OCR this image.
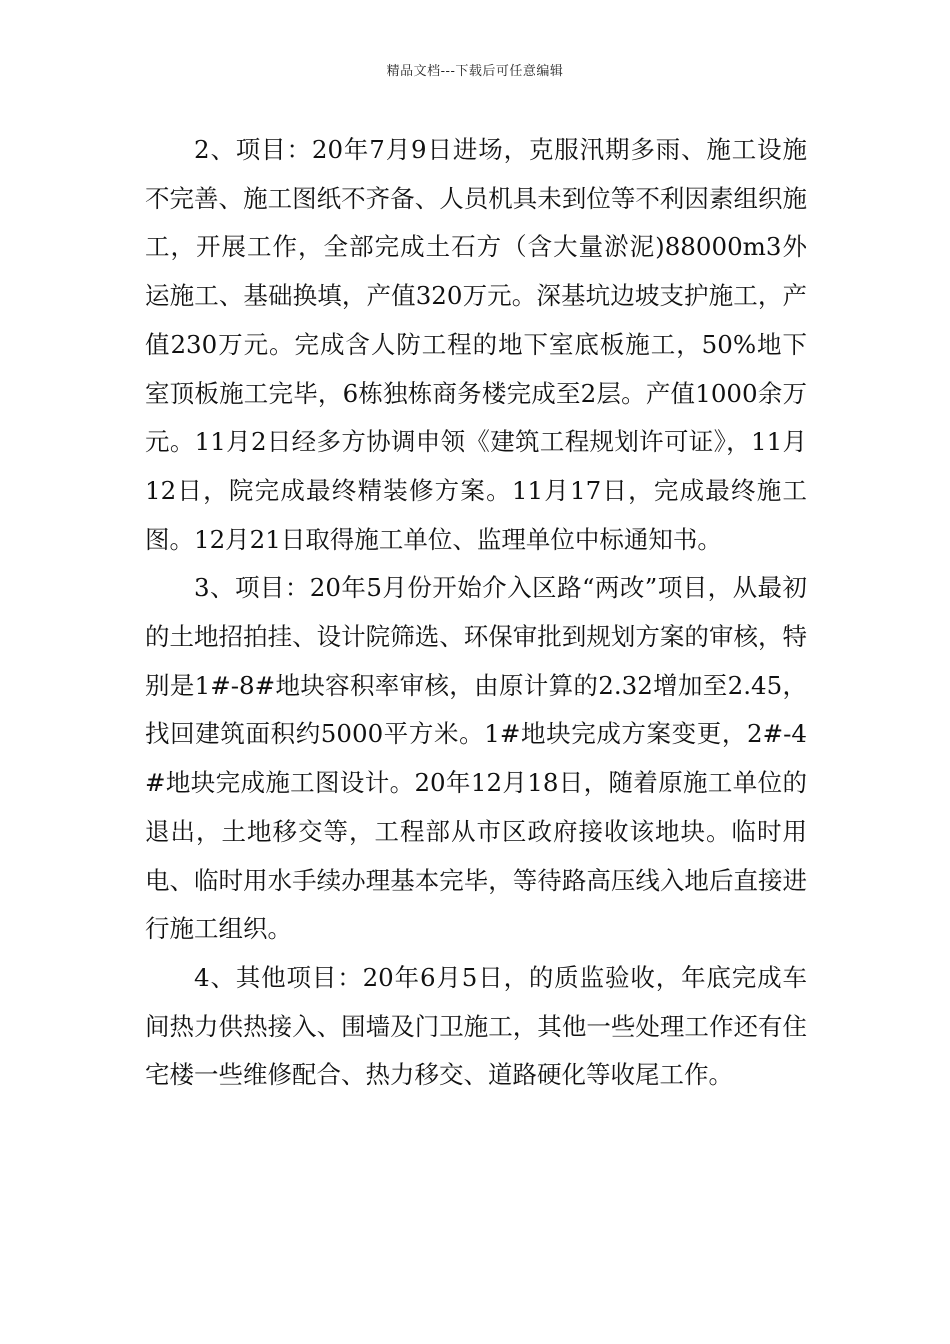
精品文档---下载后可任意编辑

2、项目：20年7月9日进场，克服汛期多雨、施工设施不完善、施工图纸不齐备、人员机具未到位等不利因素组织施工，开展工作，全部完成土石方（含大量淤泥)88000m3外运施工、基础换填，产值320万元。深基坑边坡支护施工，产值230万元。完成含人防工程的地下室底板施工，50%地下室顶板施工完毕，6栋独栋商务楼完成至2层。产值1000余万元。11月2日经多方协调申领《建筑工程规划许可证》，11月12日，院完成最终精装修方案。11月17日，完成最终施工图。12月21日取得施工单位、监理单位中标通知书。

3、项目：20年5月份开始介入区路“两改”项目，从最初的土地招拍挂、设计院筛选、环保审批到规划方案的审核，特别是1#-8#地块容积率审核，由原计算的2.32增加至2.45，找回建筑面积约5000平方米。1#地块完成方案变更，2#-4#地块完成施工图设计。20年12月18日，随着原施工单位的退出，土地移交等，工程部从市区政府接收该地块。临时用电、临时用水手续办理基本完毕，等待路高压线入地后直接进行施工组织。

4、其他项目：20年6月5日，的质监验收，年底完成车间热力供热接入、围墙及门卫施工，其他一些处理工作还有住宅楼一些维修配合、热力移交、道路硬化等收尾工作。
